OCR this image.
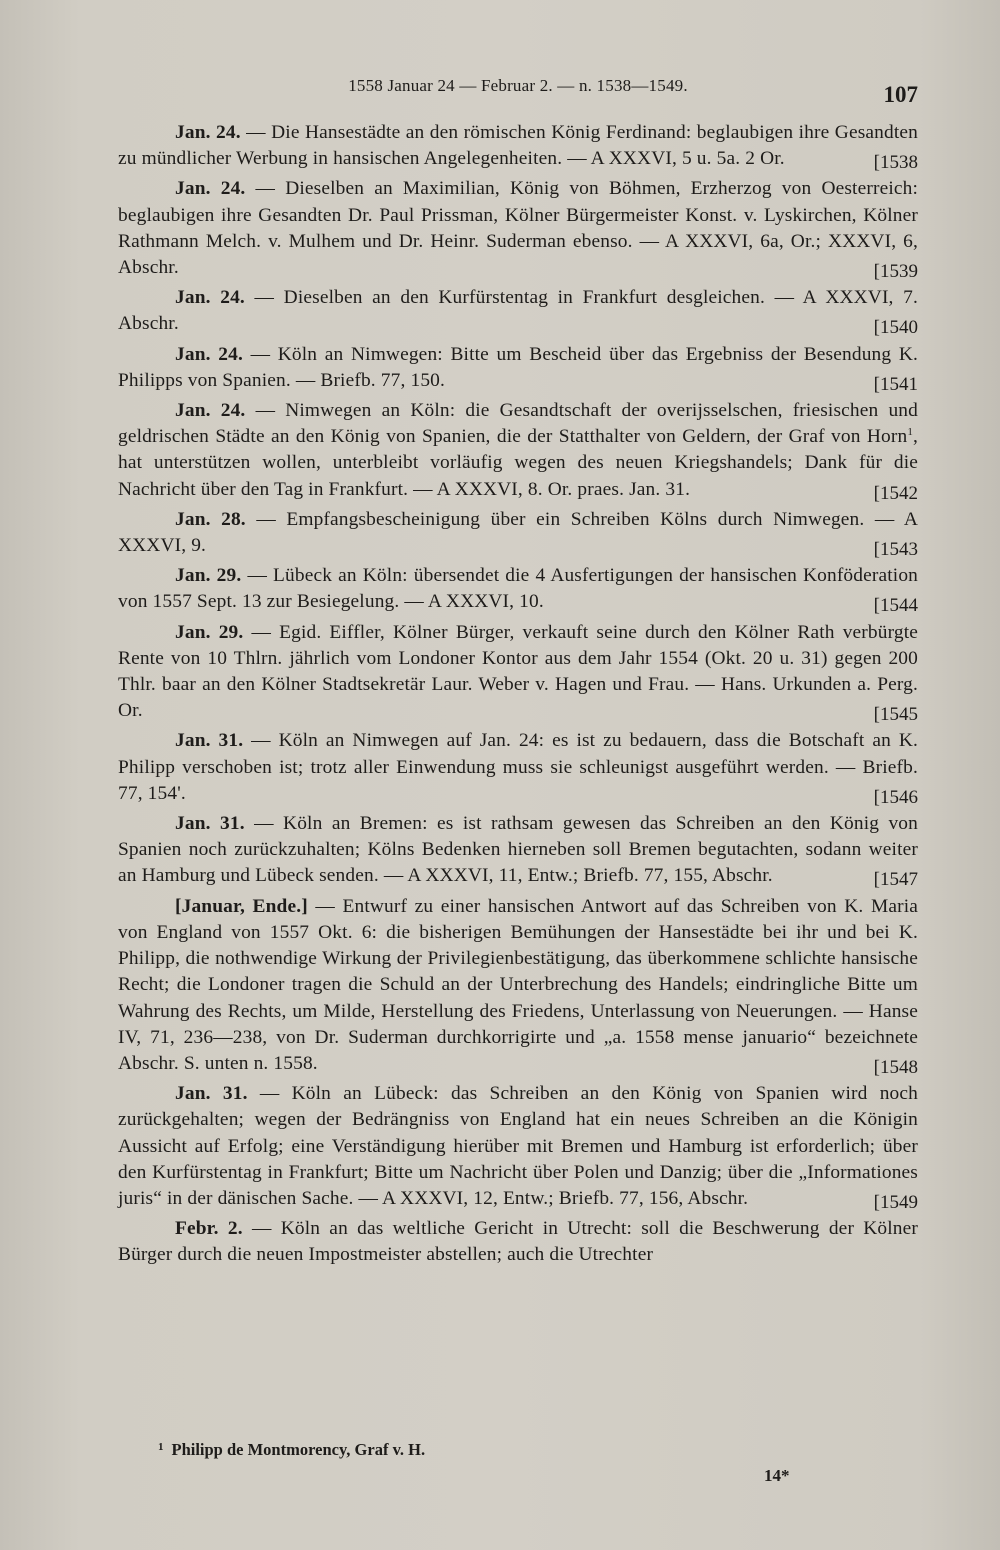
1558 Januar 24 — Februar 2. — n. 1538—1549.	107

Jan. 24. — Die Hansestädte an den römischen König Ferdinand: beglaubigen ihre Gesandten zu mündlicher Werbung in hansischen Angelegenheiten. — A XXXVI, 5 u. 5a. 2 Or.	[1538

Jan. 24. — Dieselben an Maximilian, König von Böhmen, Erzherzog von Oesterreich: beglaubigen ihre Gesandten Dr. Paul Prissman, Kölner Bürgermeister Konst. v. Lyskirchen, Kölner Rathmann Melch. v. Mulhem und Dr. Heinr. Suderman ebenso. — A XXXVI, 6a, Or.; XXXVI, 6, Abschr.	[1539

Jan. 24. — Dieselben an den Kurfürstentag in Frankfurt desgleichen. — A XXXVI, 7. Abschr.	[1540

Jan. 24. — Köln an Nimwegen: Bitte um Bescheid über das Ergebniss der Besendung K. Philipps von Spanien. — Briefb. 77, 150.	[1541

Jan. 24. — Nimwegen an Köln: die Gesandtschaft der overijsselschen, friesischen und geldrischen Städte an den König von Spanien, die der Statthalter von Geldern, der Graf von Horn$^1$, hat unterstützen wollen, unterbleibt vorläufig wegen des neuen Kriegshandels; Dank für die Nachricht über den Tag in Frankfurt. — A XXXVI, 8. Or. praes. Jan. 31.	[1542

Jan. 28. — Empfangsbescheinigung über ein Schreiben Kölns durch Nimwegen. — A XXXVI, 9.	[1543

Jan. 29. — Lübeck an Köln: übersendet die 4 Ausfertigungen der hansischen Konföderation von 1557 Sept. 13 zur Besiegelung. — A XXXVI, 10.	[1544

Jan. 29. — Egid. Eiffler, Kölner Bürger, verkauft seine durch den Kölner Rath verbürgte Rente von 10 Thlrn. jährlich vom Londoner Kontor aus dem Jahr 1554 (Okt. 20 u. 31) gegen 200 Thlr. baar an den Kölner Stadtsekretär Laur. Weber v. Hagen und Frau. — Hans. Urkunden a. Perg. Or.	[1545

Jan. 31. — Köln an Nimwegen auf Jan. 24: es ist zu bedauern, dass die Botschaft an K. Philipp verschoben ist; trotz aller Einwendung muss sie schleunigst ausgeführt werden. — Briefb. 77, 154'.	[1546

Jan. 31. — Köln an Bremen: es ist rathsam gewesen das Schreiben an den König von Spanien noch zurückzuhalten; Kölns Bedenken hierneben soll Bremen begutachten, sodann weiter an Hamburg und Lübeck senden. — A XXXVI, 11, Entw.; Briefb. 77, 155, Abschr.	[1547

[Januar, Ende.] — Entwurf zu einer hansischen Antwort auf das Schreiben von K. Maria von England von 1557 Okt. 6: die bisherigen Bemühungen der Hansestädte bei ihr und bei K. Philipp, die nothwendige Wirkung der Privilegienbestätigung, das überkommene schlichte hansische Recht; die Londoner tragen die Schuld an der Unterbrechung des Handels; eindringliche Bitte um Wahrung des Rechts, um Milde, Herstellung des Friedens, Unterlassung von Neuerungen. — Hanse IV, 71, 236—238, von Dr. Suderman durchkorrigirte und „a. 1558 mense januario“ bezeichnete Abschr. S. unten n. 1558.	[1548

Jan. 31. — Köln an Lübeck: das Schreiben an den König von Spanien wird noch zurückgehalten; wegen der Bedrängniss von England hat ein neues Schreiben an die Königin Aussicht auf Erfolg; eine Verständigung hierüber mit Bremen und Hamburg ist erforderlich; über den Kurfürstentag in Frankfurt; Bitte um Nachricht über Polen und Danzig; über die „Informationes juris“ in der dänischen Sache. — A XXXVI, 12, Entw.; Briefb. 77, 156, Abschr.	[1549

Febr. 2. — Köln an das weltliche Gericht in Utrecht: soll die Beschwerung der Kölner Bürger durch die neuen Impostmeister abstellen; auch die Utrechter

$^1$ Philipp de Montmorency, Graf v. H.
14*
